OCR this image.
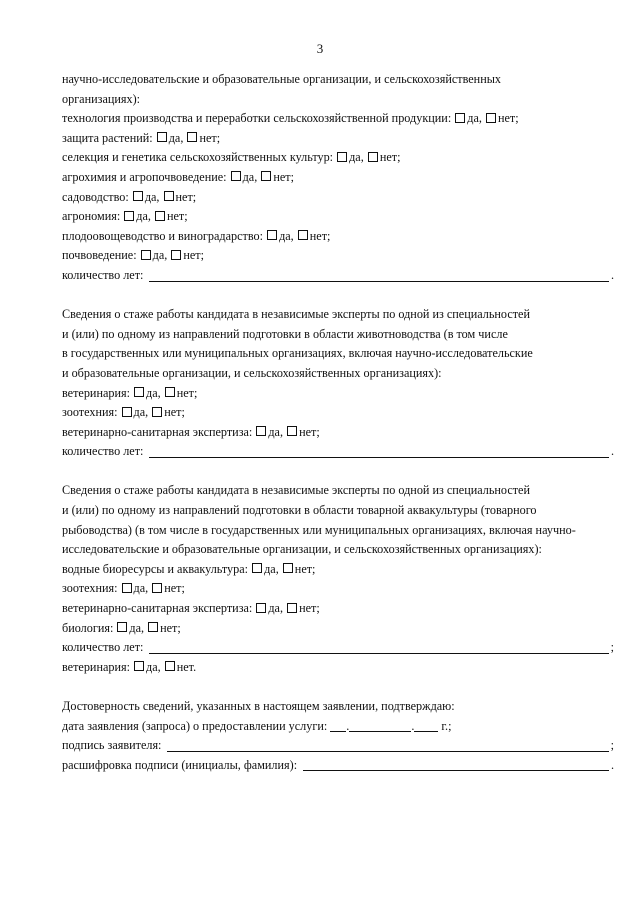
3
научно-исследовательские и образовательные организации, и сельскохозяйственных
организациях):
технология производства и переработки сельскохозяйственной продукции: да, нет;
защита растений: да, нет;
селекция и генетика сельскохозяйственных культур: да, нет;
агрохимия и агропочвоведение: да, нет;
садоводство: да, нет;
агрономия: да, нет;
плодоовощеводство и виноградарство: да, нет;
почвоведение: да, нет;
количество лет:	.
Сведения о стаже работы кандидата в независимые эксперты по одной из специальностей
и (или) по одному из направлений подготовки в области животноводства (в том числе
в государственных или муниципальных организациях, включая научно-исследовательские
и образовательные организации, и сельскохозяйственных организациях):
ветеринария: да, нет;
зоотехния: да, нет;
ветеринарно-санитарная экспертиза: да, нет;
количество лет:	.
Сведения о стаже работы кандидата в независимые эксперты по одной из специальностей
и (или) по одному из направлений подготовки в области товарной аквакультуры (товарного
рыбоводства) (в том числе в государственных или муниципальных организациях, включая научно-
исследовательские и образовательные организации, и сельскохозяйственных организациях):
водные биоресурсы и аквакультура: да, нет;
зоотехния: да, нет;
ветеринарно-санитарная экспертиза: да, нет;
биология: да, нет;
количество лет:	;
ветеринария: да, нет.
Достоверность сведений, указанных в настоящем заявлении, подтверждаю:
дата заявления (запроса) о предоставлении услуги: .	. г.;
подпись заявителя:	;
расшифровка подписи (инициалы, фамилия):	.
